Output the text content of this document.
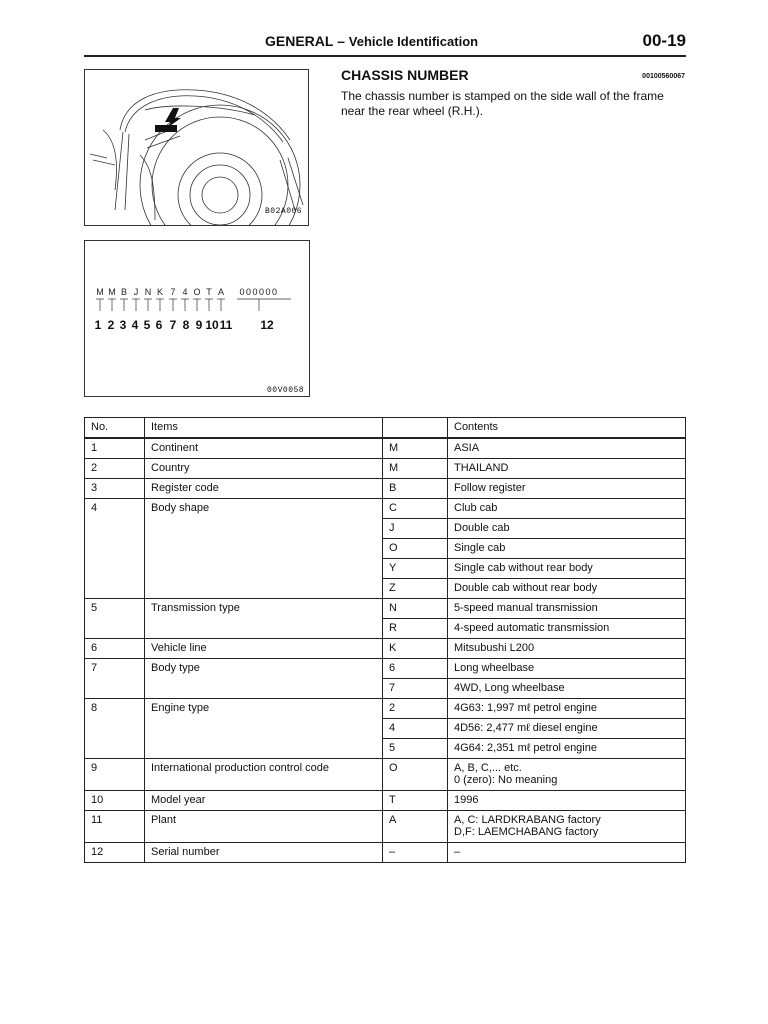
GENERAL – Vehicle Identification	00-19
B02A006
M M B J N K 7 4 O T A 000000
1 2 3 4 5 6 7 8 9 10 11 12
00V0058
CHASSIS NUMBER	00100560067
The chassis number is stamped on the side wall of the frame near the rear wheel (R.H.).
No.	Items		Contents
1	Continent	M	ASIA
2	Country	M	THAILAND
3	Register code	B	Follow register
4	Body shape	C	Club cab
		J	Double cab
		O	Single cab
		Y	Single cab without rear body
		Z	Double cab without rear body
5	Transmission type	N	5-speed manual transmission
		R	4-speed automatic transmission
6	Vehicle line	K	Mitsubushi L200
7	Body type	6	Long wheelbase
		7	4WD, Long wheelbase
8	Engine type	2	4G63: 1,997 mℓ petrol engine
		4	4D56: 2,477 mℓ diesel engine
		5	4G64: 2,351 mℓ petrol engine
9	International production control code	O	A, B, C,... etc.
0 (zero): No meaning
10	Model year	T	1996
11	Plant	A	A, C: LARDKRABANG factory
D,F: LAEMCHABANG factory
12	Serial number	–	–
